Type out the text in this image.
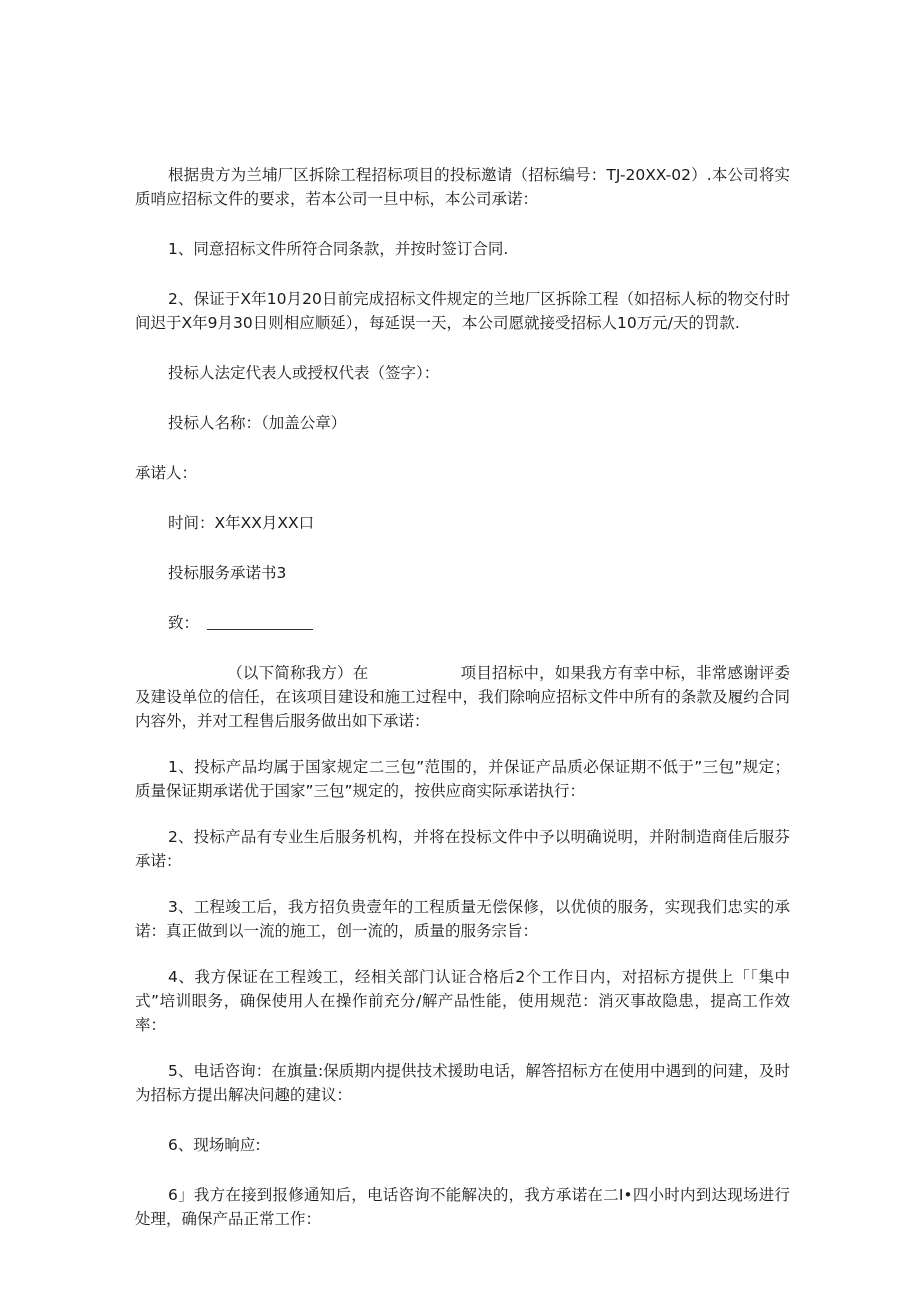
根据贵方为兰埔厂区拆除工程招标项目的投标邀请（招标编号：TJ-20XX-02）.本公司将实质哨应招标文件的要求，若本公司一旦中标，本公司承诺：

1、同意招标文件所符合同条款，并按时签订合同.

2、保证于X年10月20日前完成招标文件规定的兰地厂区拆除工程（如招标人标的物交付时间迟于X年9月30日则相应顺延），每延误一天，本公司愿就接受招标人10万元/天的罚款.

投标人法定代表人或授权代表（签字）：

投标人名称：（加盖公章）

承诺人：

时间：X年XX月XX口

投标服务承诺书3

致：

（以下简称我方）在	项目招标中，如果我方有幸中标，非常感谢评委及建设单位的信任，在该项目建设和施工过程中，我们除响应招标文件中所有的条款及履约合同内容外，并对工程售后服务做出如下承诺：

1、投标产品均属于国家规定二三包”范围的，并保证产品质必保证期不低于”三包”规定；质量保证期承诺优于国家”三包”规定的，按供应商实际承诺执行：

2、投标产品有专业生后服务机构，并将在投标文件中予以明确说明，并附制造商佳后服芬承诺：

3、工程竣工后，我方招负贵壹年的工程质量无偿保修，以优侦的服务，实现我们忠实的承诺：真正做到以一流的施工，创一流的，质量的服务宗旨：

4、我方保证在工程竣工，经相关部门认证合格后2个工作日内，对招标方提供上「「集中式”培训眼务，确保使用人在操作前充分/解产品性能，使用规范：消灭事故隐患，提高工作效率：

5、电话咨询：在旗量:保质期内提供技术援助电话，解答招标方在使用中遇到的问建，及时为招标方提出解决问趣的建议：

6、现场晌应:

6」我方在接到报修通知后，电话咨询不能解决的，我方承诺在二I•四小时内到达现场进行处理，确保产品正常工作：
